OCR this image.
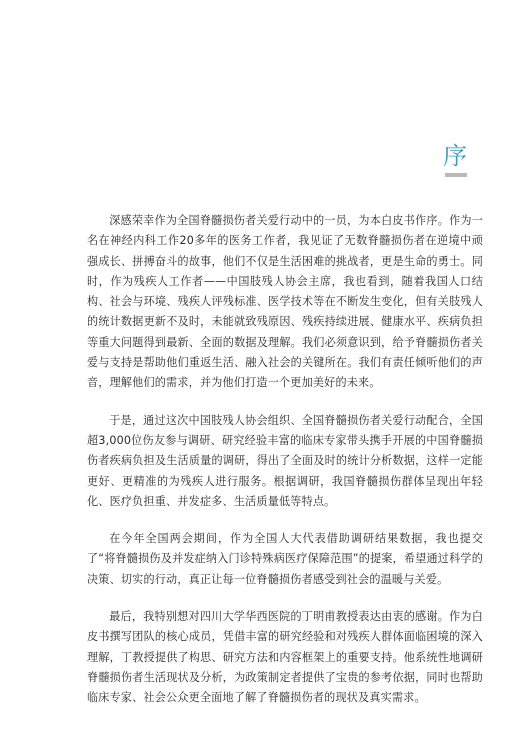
序

深感荣幸作为全国脊髓损伤者关爱行动中的一员，为本白皮书作序。作为一名在神经内科工作20多年的医务工作者，我见证了无数脊髓损伤者在逆境中顽强成长、拼搏奋斗的故事，他们不仅是生活困难的挑战者，更是生命的勇士。同时，作为残疾人工作者——中国肢残人协会主席，我也看到，随着我国人口结构、社会与环境、残疾人评残标准、医学技术等在不断发生变化，但有关肢残人的统计数据更新不及时，未能就致残原因、残疾持续进展、健康水平、疾病负担等重大问题得到最新、全面的数据及理解。我们必须意识到，给予脊髓损伤者关爱与支持是帮助他们重返生活、融入社会的关键所在。我们有责任倾听他们的声音，理解他们的需求，并为他们打造一个更加美好的未来。

于是，通过这次中国肢残人协会组织、全国脊髓损伤者关爱行动配合，全国超3,000位伤友参与调研、研究经验丰富的临床专家带头携手开展的中国脊髓损伤者疾病负担及生活质量的调研，得出了全面及时的统计分析数据，这样一定能更好、更精准的为残疾人进行服务。根据调研，我国脊髓损伤群体呈现出年轻化、医疗负担重、并发症多、生活质量低等特点。

在今年全国两会期间，作为全国人大代表借助调研结果数据，我也提交了“将脊髓损伤及并发症纳入门诊特殊病医疗保障范围”的提案，希望通过科学的决策、切实的行动，真正让每一位脊髓损伤者感受到社会的温暖与关爱。

最后，我特别想对四川大学华西医院的丁明甫教授表达由衷的感谢。作为白皮书撰写团队的核心成员，凭借丰富的研究经验和对残疾人群体面临困境的深入理解，丁教授提供了构思、研究方法和内容框架上的重要支持。他系统性地调研脊髓损伤者生活现状及分析，为政策制定者提供了宝贵的参考依据，同时也帮助临床专家、社会公众更全面地了解了脊髓损伤者的现状及真实需求。
